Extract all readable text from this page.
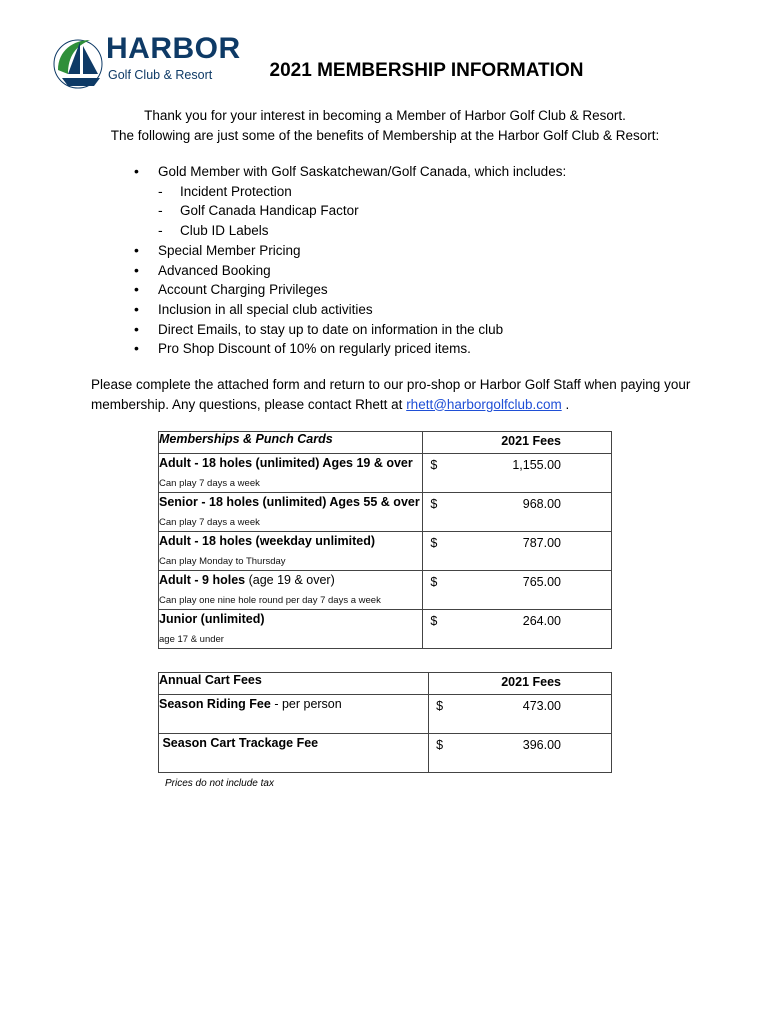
HARBOR
Golf Club & Resort	2021 MEMBERSHIP INFORMATION
Thank you for your interest in becoming a Member of Harbor Golf Club & Resort.
The following are just some of the benefits of Membership at the Harbor Golf Club & Resort:
• Gold Member with Golf Saskatchewan/Golf Canada, which includes:
- Incident Protection
- Golf Canada Handicap Factor
- Club ID Labels
• Special Member Pricing
• Advanced Booking
• Account Charging Privileges
• Inclusion in all special club activities
• Direct Emails, to stay up to date on information in the club
• Pro Shop Discount of 10% on regularly priced items.
Please complete the attached form and return to our pro-shop or Harbor Golf Staff when paying your membership. Any questions, please contact Rhett at rhett@harborgolfclub.com .
Memberships & Punch Cards	2021 Fees

Adult - 18 holes (unlimited) Ages 19 & over
Can play 7 days a week	$ 1,155.00

Senior - 18 holes (unlimited) Ages 55 & over
Can play 7 days a week	$ 968.00

Adult - 18 holes (weekday unlimited)
Can play Monday to Thursday	$ 787.00

Adult - 9 holes (age 19 & over)
Can play one nine hole round per day 7 days a week	$ 765.00

Junior (unlimited)
age 17 & under	$ 264.00
Annual Cart Fees	2021 Fees

Season Riding Fee - per person	$ 473.00

Season Cart Trackage Fee	$ 396.00
Prices do not include tax
